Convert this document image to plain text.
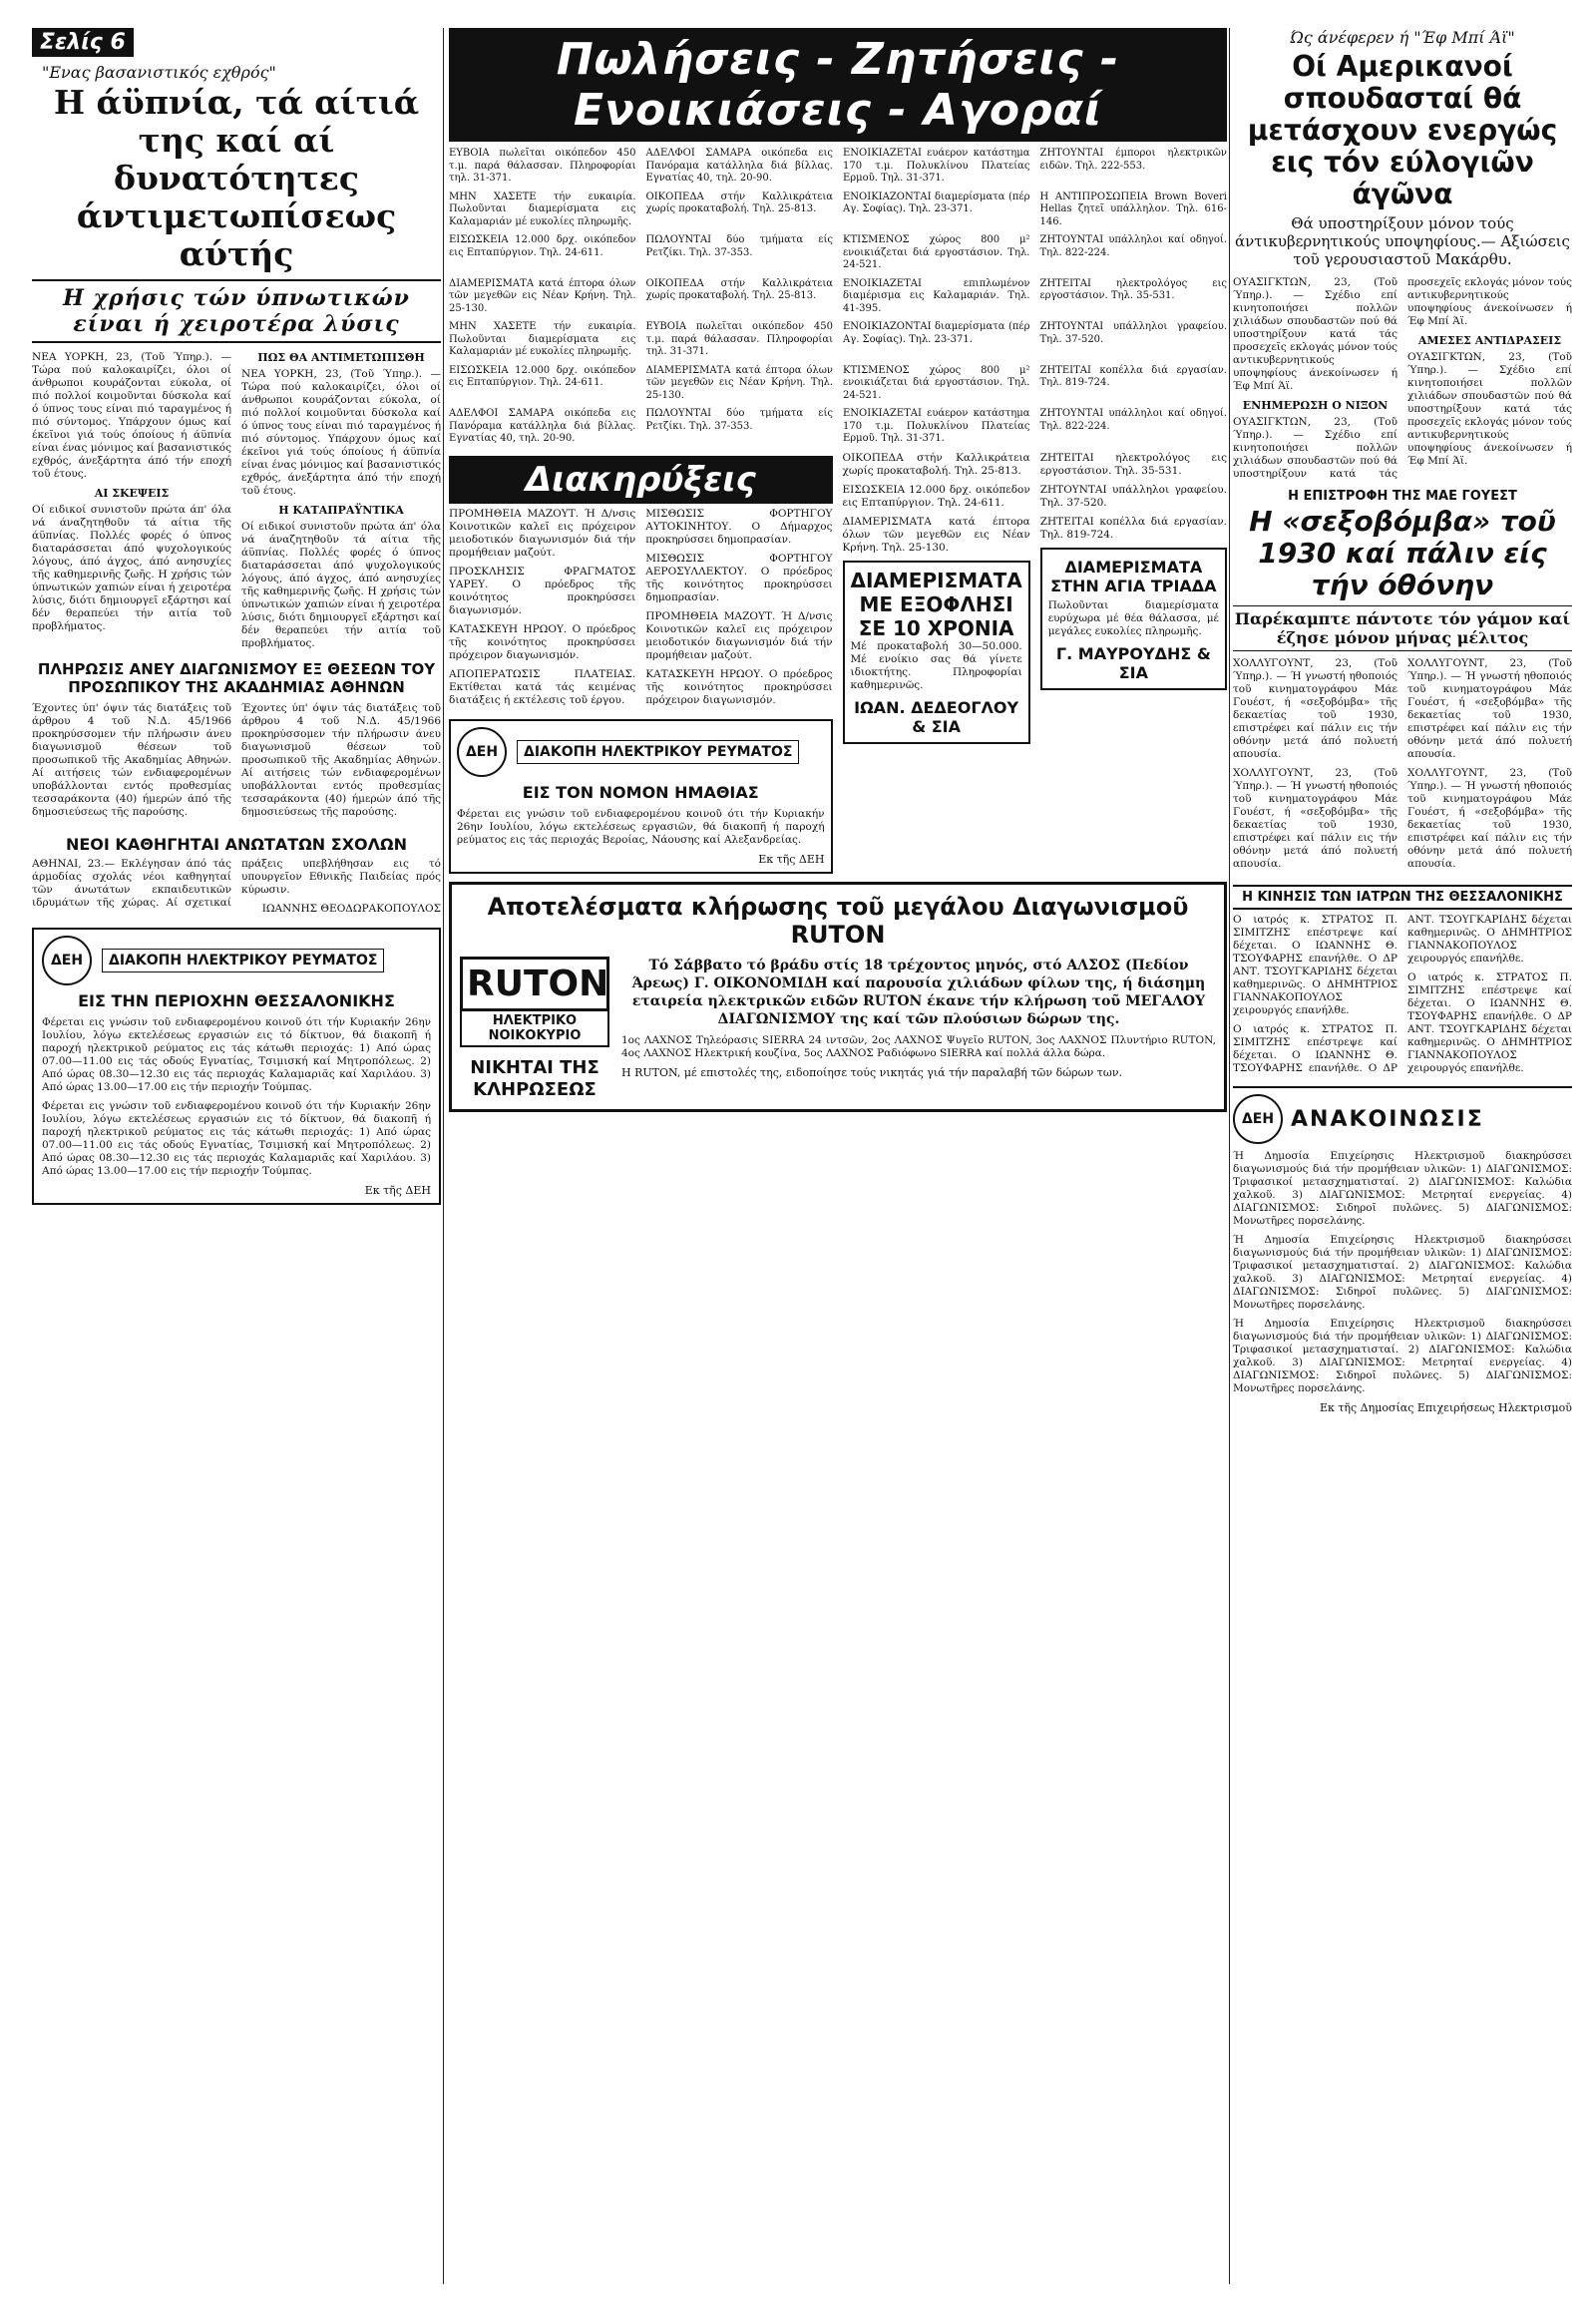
Σελίς 6
"Ενας βασανιστικός εχθρός"
Η άϋπνία, τά αίτιά της καί αί δυνατότητες άντιμετωπίσεως αύτής
Η χρήσις τών ύπνωτικών είναι ή χειροτέρα λύσις

ΝΕΑ ΥΟΡΚΗ, 23, (Τοῦ Ύπηρ.). —Τώρα πού καλοκαιρίζει, όλοι οί άνθρωποι κουράζονται εύκολα, οί πιό πολλοί κοιμοῦνται δύσκολα καί ό ύπνος τους είναι πιό ταραγμένος ή πιό σύντομος. Υπάρχουν όμως καί έκεῖνοι γιά τούς όποίους ή άϋπνία είναι ένας μόνιμος καί βασανιστικός εχθρός, άνεξάρτητα άπό τήν εποχή τοῦ έτους.

ΑΙ ΣΚΕΨΕΙΣ

Οί ειδικοί συνιστοῦν πρώτα άπ' όλα νά άναζητηθοῦν τά αίτια τῆς άϋπνίας. Πολλές φορές ό ύπνος διαταράσσεται άπό ψυχολογικούς λόγους, άπό άγχος, άπό ανησυχίες τῆς καθημερινῆς ζωῆς. Η χρήσις τών ύπνωτικών χαπιών είναι ή χειροτέρα λύσις, διότι δημιουργεῖ εξάρτησι καί δέν θεραπεύει τήν αιτία τοῦ προβλήματος.

ΠΩΣ ΘΑ ΑΝΤΙΜΕΤΩΠΙΣΘΗ

ΝΕΑ ΥΟΡΚΗ, 23, (Τοῦ Ύπηρ.). —Τώρα πού καλοκαιρίζει, όλοι οί άνθρωποι κουράζονται εύκολα, οί πιό πολλοί κοιμοῦνται δύσκολα καί ό ύπνος τους είναι πιό ταραγμένος ή πιό σύντομος. Υπάρχουν όμως καί έκεῖνοι γιά τούς όποίους ή άϋπνία είναι ένας μόνιμος καί βασανιστικός εχθρός, άνεξάρτητα άπό τήν εποχή τοῦ έτους.

Η ΚΑΤΑΠΡΑΫΝΤΙΚΑ

Οί ειδικοί συνιστοῦν πρώτα άπ' όλα νά άναζητηθοῦν τά αίτια τῆς άϋπνίας. Πολλές φορές ό ύπνος διαταράσσεται άπό ψυχολογικούς λόγους, άπό άγχος, άπό ανησυχίες τῆς καθημερινῆς ζωῆς. Η χρήσις τών ύπνωτικών χαπιών είναι ή χειροτέρα λύσις, διότι δημιουργεῖ εξάρτησι καί δέν θεραπεύει τήν αιτία τοῦ προβλήματος.

ΠΛΗΡΩΣΙΣ ΑΝΕΥ ΔΙΑΓΩΝΙΣΜΟΥ ΕΞ ΘΕΣΕΩΝ ΤΟΥ ΠΡΟΣΩΠΙΚΟΥ ΤΗΣ ΑΚΑΔΗΜΙΑΣ ΑΘΗΝΩΝ

Έχοντες ύπ' όψιν τάς διατάξεις τοῦ άρθρου 4 τοῦ Ν.Δ. 45/1966 προκηρύσσομεν τήν πλήρωσιν άνευ διαγωνισμοῦ θέσεων τοῦ προσωπικοῦ τῆς Ακαδημίας Αθηνών. Αί αιτήσεις τών ενδιαφερομένων υποβάλλονται εντός προθεσμίας τεσσαράκοντα (40) ήμερών άπό τῆς δημοσιεύσεως τῆς παρούσης.

Έχοντες ύπ' όψιν τάς διατάξεις τοῦ άρθρου 4 τοῦ Ν.Δ. 45/1966 προκηρύσσομεν τήν πλήρωσιν άνευ διαγωνισμοῦ θέσεων τοῦ προσωπικοῦ τῆς Ακαδημίας Αθηνών. Αί αιτήσεις τών ενδιαφερομένων υποβάλλονται εντός προθεσμίας τεσσαράκοντα (40) ήμερών άπό τῆς δημοσιεύσεως τῆς παρούσης.

ΝΕΟΙ ΚΑΘΗΓΗΤΑΙ ΑΝΩΤΑΤΩΝ ΣΧΟΛΩΝ

ΑΘΗΝΑΙ, 23.— Εκλέγησαν άπό τάς άρμοδίας σχολάς νέοι καθηγηταί τῶν άνωτάτων εκπαιδευτικῶν ιδρυμάτων τῆς χώρας. Αί σχετικαί πράξεις υπεβλήθησαν εις τό υπουργεῖον Εθνικῆς Παιδείας πρός κύρωσιν.

ΙΩΑΝΝΗΣ ΘΕΟΔΩΡΑΚΟΠΟΥΛΟΣ

ΔΕΗ	ΔΙΑΚΟΠΗ ΗΛΕΚΤΡΙΚΟΥ ΡΕΥΜΑΤΟΣ
ΕΙΣ ΤΗΝ ΠΕΡΙΟΧΗΝ ΘΕΣΣΑΛΟΝΙΚΗΣ

Φέρεται εις γνώσιν τοῦ ενδιαφερομένου κοινοῦ ότι τήν Κυριακήν 26ην Ιουλίου, λόγω εκτελέσεως εργασιών εις τό δίκτυον, θά διακοπῆ ή παροχή ηλεκτρικοῦ ρεύματος εις τάς κάτωθι περιοχάς: 1) Από ώρας 07.00—11.00 εις τάς οδούς Εγνατίας, Τσιμισκή καί Μητροπόλεως. 2) Από ώρας 08.30—12.30 εις τάς περιοχάς Καλαμαριᾶς καί Χαριλάου. 3) Από ώρας 13.00—17.00 εις τήν περιοχήν Τούμπας.

Φέρεται εις γνώσιν τοῦ ενδιαφερομένου κοινοῦ ότι τήν Κυριακήν 26ην Ιουλίου, λόγω εκτελέσεως εργασιών εις τό δίκτυον, θά διακοπῆ ή παροχή ηλεκτρικοῦ ρεύματος εις τάς κάτωθι περιοχάς: 1) Από ώρας 07.00—11.00 εις τάς οδούς Εγνατίας, Τσιμισκή καί Μητροπόλεως. 2) Από ώρας 08.30—12.30 εις τάς περιοχάς Καλαμαριᾶς καί Χαριλάου. 3) Από ώρας 13.00—17.00 εις τήν περιοχήν Τούμπας.

Εκ τῆς ΔΕΗ
Πωλήσεις - Ζητήσεις - Ενοικιάσεις - Αγοραί

ΕΥΒΟΙΑ πωλεῖται οικόπεδον 450 τ.μ. παρά θάλασσαν. Πληροφορίαι τηλ. 31-371.

ΑΔΕΛΦΟΙ ΣΑΜΑΡΑ οικόπεδα εις Πανόραμα κατάλληλα διά βίλλας. Εγνατίας 40, τηλ. 20-90.

ΕΝΟΙΚΙΑΖΕΤΑΙ ευάερον κατάστημα 170 τ.μ. Πολυκλίνου Πλατείας Ερμοῦ. Τηλ. 31-371.

ΖΗΤΟΥΝΤΑΙ έμποροι ηλεκτρικῶν ειδῶν. Τηλ. 222-553.

ΜΗΝ ΧΑΣΕΤΕ τήν ευκαιρία. Πωλοῦνται διαμερίσματα εις Καλαμαριάν μέ ευκολίες πληρωμῆς.

ΟΙΚΟΠΕΔΑ στήν Καλλικράτεια χωρίς προκαταβολή. Τηλ. 25-813.

ΕΝΟΙΚΙΑΖΟΝΤΑΙ διαμερίσματα (πέρ Αγ. Σοφίας). Τηλ. 23-371.

Η ΑΝΤΙΠΡΟΣΩΠΕΙΑ Brown Boveri Hellas ζητεῖ υπάλληλον. Τηλ. 616-146.

ΕΙΣΩΣΚΕΙΑ 12.000 δρχ. οικόπεδον εις Επταπύργιον. Τηλ. 24-611.

ΠΩΛΟΥΝΤΑΙ δύο τμήματα είς Ρετζίκι. Τηλ. 37-353.

ΚΤΙΣΜΕΝΟΣ χώρος 800 μ² ενοικιάζεται διά εργοστάσιον. Τηλ. 24-521.

ΖΗΤΟΥΝΤΑΙ υπάλληλοι καί οδηγοί. Τηλ. 822-224.

ΔΙΑΜΕΡΙΣΜΑΤΑ κατά έπτορα όλων τῶν μεγεθῶν εις Νέαν Κρήνη. Τηλ. 25-130.

ΟΙΚΟΠΕΔΑ στήν Καλλικράτεια χωρίς προκαταβολή. Τηλ. 25-813.

ΕΝΟΙΚΙΑΖΕΤΑΙ επιπλωμένον διαμέρισμα εις Καλαμαριάν. Τηλ. 41-395.

ΖΗΤΕΙΤΑΙ ηλεκτρολόγος εις εργοστάσιον. Τηλ. 35-531.

ΜΗΝ ΧΑΣΕΤΕ τήν ευκαιρία. Πωλοῦνται διαμερίσματα εις Καλαμαριάν μέ ευκολίες πληρωμῆς.

ΕΥΒΟΙΑ πωλεῖται οικόπεδον 450 τ.μ. παρά θάλασσαν. Πληροφορίαι τηλ. 31-371.

ΕΝΟΙΚΙΑΖΟΝΤΑΙ διαμερίσματα (πέρ Αγ. Σοφίας). Τηλ. 23-371.

ΖΗΤΟΥΝΤΑΙ υπάλληλοι γραφείου. Τηλ. 37-520.

ΕΙΣΩΣΚΕΙΑ 12.000 δρχ. οικόπεδον εις Επταπύργιον. Τηλ. 24-611.

ΔΙΑΜΕΡΙΣΜΑΤΑ κατά έπτορα όλων τῶν μεγεθῶν εις Νέαν Κρήνη. Τηλ. 25-130.

ΚΤΙΣΜΕΝΟΣ χώρος 800 μ² ενοικιάζεται διά εργοστάσιον. Τηλ. 24-521.

ΖΗΤΕΙΤΑΙ κοπέλλα διά εργασίαν. Τηλ. 819-724.

ΑΔΕΛΦΟΙ ΣΑΜΑΡΑ οικόπεδα εις Πανόραμα κατάλληλα διά βίλλας. Εγνατίας 40, τηλ. 20-90.

ΠΩΛΟΥΝΤΑΙ δύο τμήματα είς Ρετζίκι. Τηλ. 37-353.

ΕΝΟΙΚΙΑΖΕΤΑΙ ευάερον κατάστημα 170 τ.μ. Πολυκλίνου Πλατείας Ερμοῦ. Τηλ. 31-371.

ΖΗΤΟΥΝΤΑΙ υπάλληλοι καί οδηγοί. Τηλ. 822-224.

Διακηρύξεις

ΠΡΟΜΗΘΕΙΑ ΜΑΖΟΥΤ. Ή Δ/νσις Κοινοτικῶν καλεῖ εις πρόχειρον μειοδοτικόν διαγωνισμόν διά τήν προμήθειαν μαζούτ.

ΠΡΟΣΚΛΗΣΙΣ ΦΡΑΓΜΑΤΟΣ ΥΑΡΕΥ. Ο πρόεδρος τῆς κοινότητος προκηρύσσει διαγωνισμόν.

ΚΑΤΑΣΚΕΥΗ ΗΡΩΟΥ. Ο πρόεδρος τῆς κοινότητος προκηρύσσει πρόχειρον διαγωνισμόν.

ΑΠΟΠΕΡΑΤΩΣΙΣ ΠΛΑΤΕΙΑΣ. Εκτίθεται κατά τάς κειμένας διατάξεις ή εκτέλεσις τοῦ έργου.

ΜΙΣΘΩΣΙΣ ΦΟΡΤΗΓΟΥ ΑΥΤΟΚΙΝΗΤΟΥ. Ο Δήμαρχος προκηρύσσει δημοπρασίαν.

ΜΙΣΘΩΣΙΣ ΦΟΡΤΗΓΟΥ ΑΕΡΟΣΥΛΛΕΚΤΟΥ. Ο πρόεδρος τῆς κοινότητος προκηρύσσει δημοπρασίαν.

ΠΡΟΜΗΘΕΙΑ ΜΑΖΟΥΤ. Ή Δ/νσις Κοινοτικῶν καλεῖ εις πρόχειρον μειοδοτικόν διαγωνισμόν διά τήν προμήθειαν μαζούτ.

ΚΑΤΑΣΚΕΥΗ ΗΡΩΟΥ. Ο πρόεδρος τῆς κοινότητος προκηρύσσει πρόχειρον διαγωνισμόν.

ΔΕΗ	ΔΙΑΚΟΠΗ ΗΛΕΚΤΡΙΚΟΥ ΡΕΥΜΑΤΟΣ
ΕΙΣ ΤΟΝ ΝΟΜΟΝ ΗΜΑΘΙΑΣ

Φέρεται εις γνώσιν τοῦ ενδιαφερομένου κοινοῦ ότι τήν Κυριακήν 26ην Ιουλίου, λόγω εκτελέσεως εργασιῶν, θά διακοπῆ ή παροχή ρεύματος εις τάς περιοχάς Βεροίας, Νάουσης καί Αλεξανδρείας.

Εκ τῆς ΔΕΗ

ΟΙΚΟΠΕΔΑ στήν Καλλικράτεια χωρίς προκαταβολή. Τηλ. 25-813.

ΕΙΣΩΣΚΕΙΑ 12.000 δρχ. οικόπεδον εις Επταπύργιον. Τηλ. 24-611.

ΔΙΑΜΕΡΙΣΜΑΤΑ κατά έπτορα όλων τῶν μεγεθῶν εις Νέαν Κρήνη. Τηλ. 25-130.

ΔΙΑΜΕΡΙΣΜΑΤΑ ΜΕ ΕΞΟΦΛΗΣΙ ΣΕ 10 ΧΡΟΝΙΑ

Μέ προκαταβολή 30—50.000. Μέ ενοίκιο σας θά γίνετε ιδιοκτήτης. Πληροφορίαι καθημερινῶς.

ΙΩΑΝ. ΔΕΔΕΟΓΛΟΥ & ΣΙΑ

ΖΗΤΕΙΤΑΙ ηλεκτρολόγος εις εργοστάσιον. Τηλ. 35-531.

ΖΗΤΟΥΝΤΑΙ υπάλληλοι γραφείου. Τηλ. 37-520.

ΖΗΤΕΙΤΑΙ κοπέλλα διά εργασίαν. Τηλ. 819-724.

ΔΙΑΜΕΡΙΣΜΑΤΑ ΣΤΗΝ ΑΓΙΑ ΤΡΙΑΔΑ

Πωλοῦνται διαμερίσματα ευρύχωρα μέ θέα θάλασσα, μέ μεγάλες ευκολίες πληρωμῆς.

Γ. ΜΑΥΡΟΥΔΗΣ & ΣΙΑ
Αποτελέσματα κλήρωσης τοῦ μεγάλου Διαγωνισμοῦ RUTON
RUTON
ΗΛΕΚΤΡΙΚΟ ΝΟΙΚΟΚΥΡΙΟ
ΝΙΚΗΤΑΙ ΤΗΣ ΚΛΗΡΩΣΕΩΣ
Τό Σάββατο τό βράδυ στίς 18 τρέχοντος μηνός, στό ΑΛΣΟΣ (Πεδίον Άρεως) Γ. ΟΙΚΟΝΟΜΙΔΗ καί παρουσία χιλιάδων φίλων της, ή διάσημη εταιρεία ηλεκτρικῶν ειδῶν RUTON έκανε τήν κλήρωση τοῦ ΜΕΓΑΛΟΥ ΔΙΑΓΩΝΙΣΜΟΥ της καί τῶν πλούσιων δώρων της.

1ος ΛΑΧΝΟΣ Τηλεόρασις SIERRA 24 ιντσῶν, 2ος ΛΑΧΝΟΣ Ψυγεῖο RUTON, 3ος ΛΑΧΝΟΣ Πλυντήριο RUTON, 4ος ΛΑΧΝΟΣ Ηλεκτρική κουζίνα, 5ος ΛΑΧΝΟΣ Ραδιόφωνο SIERRA καί πολλά άλλα δώρα.

Η RUTON, μέ επιστολές της, ειδοποίησε τούς νικητάς γιά τήν παραλαβή τῶν δώρων των.
Ώς άνέφερεν ή "Έφ Μπί Άϊ"
Οί Αμερικανοί σπουδασταί θά μετάσχουν ενεργώς εις τόν εύλογιῶν άγῶνα
Θά υποστηρίξουν μόνον τούς άντικυβερνητικούς υποψηφίους.— Αξιώσεις τοῦ γερουσιαστοῦ Μακάρθυ.

ΟΥΑΣΙΓΚΤΩΝ, 23, (Τοῦ Ύπηρ.). — Σχέδιο επί κινητοποιήσει πολλῶν χιλιάδων σπουδαστῶν πού θά υποστηρίξουν κατά τάς προσεχεῖς εκλογάς μόνον τούς αντικυβερνητικούς υποψηφίους άνεκοίνωσεν ή Έφ Μπί Άϊ.

ΕΝΗΜΕΡΩΣΗ Ο ΝΙΞΟΝ

ΟΥΑΣΙΓΚΤΩΝ, 23, (Τοῦ Ύπηρ.). — Σχέδιο επί κινητοποιήσει πολλῶν χιλιάδων σπουδαστῶν πού θά υποστηρίξουν κατά τάς προσεχεῖς εκλογάς μόνον τούς αντικυβερνητικούς υποψηφίους άνεκοίνωσεν ή Έφ Μπί Άϊ.

ΑΜΕΣΕΣ ΑΝΤΙΔΡΑΣΕΙΣ

ΟΥΑΣΙΓΚΤΩΝ, 23, (Τοῦ Ύπηρ.). — Σχέδιο επί κινητοποιήσει πολλῶν χιλιάδων σπουδαστῶν πού θά υποστηρίξουν κατά τάς προσεχεῖς εκλογάς μόνον τούς αντικυβερνητικούς υποψηφίους άνεκοίνωσεν ή Έφ Μπί Άϊ.

Η ΕΠΙΣΤΡΟΦΗ ΤΗΣ ΜΑΕ ΓΟΥΕΣΤ
Η «σεξοβόμβα» τοῦ 1930 καί πάλιν είς τήν όθόνην
Παρέκαμπτε πάντοτε τόν γάμον καί έζησε μόνον μήνας μέλιτος

ΧΟΛΛΥΓΟΥΝΤ, 23, (Τοῦ Ύπηρ.). — Ή γνωστή ηθοποιός τοῦ κινηματογράφου Μάε Γουέστ, ή «σεξοβόμβα» τῆς δεκαετίας τοῦ 1930, επιστρέφει καί πάλιν εις τήν οθόνην μετά άπό πολυετή απουσία.

ΧΟΛΛΥΓΟΥΝΤ, 23, (Τοῦ Ύπηρ.). — Ή γνωστή ηθοποιός τοῦ κινηματογράφου Μάε Γουέστ, ή «σεξοβόμβα» τῆς δεκαετίας τοῦ 1930, επιστρέφει καί πάλιν εις τήν οθόνην μετά άπό πολυετή απουσία.

ΧΟΛΛΥΓΟΥΝΤ, 23, (Τοῦ Ύπηρ.). — Ή γνωστή ηθοποιός τοῦ κινηματογράφου Μάε Γουέστ, ή «σεξοβόμβα» τῆς δεκαετίας τοῦ 1930, επιστρέφει καί πάλιν εις τήν οθόνην μετά άπό πολυετή απουσία.

ΧΟΛΛΥΓΟΥΝΤ, 23, (Τοῦ Ύπηρ.). — Ή γνωστή ηθοποιός τοῦ κινηματογράφου Μάε Γουέστ, ή «σεξοβόμβα» τῆς δεκαετίας τοῦ 1930, επιστρέφει καί πάλιν εις τήν οθόνην μετά άπό πολυετή απουσία.

Η ΚΙΝΗΣΙΣ ΤΩΝ ΙΑΤΡΩΝ ΤΗΣ ΘΕΣΣΑΛΟΝΙΚΗΣ

Ο ιατρός κ. ΣΤΡΑΤΟΣ Π. ΣΙΜΙΤΖΗΣ επέστρεψε καί δέχεται. Ο ΙΩΑΝΝΗΣ Θ. ΤΣΟΥΦΑΡΗΣ επανήλθε. Ο ΔΡ ΑΝΤ. ΤΣΟΥΓΚΑΡΙΔΗΣ δέχεται καθημερινῶς. Ο ΔΗΜΗΤΡΙΟΣ ΓΙΑΝΝΑΚΟΠΟΥΛΟΣ χειρουργός επανήλθε.

Ο ιατρός κ. ΣΤΡΑΤΟΣ Π. ΣΙΜΙΤΖΗΣ επέστρεψε καί δέχεται. Ο ΙΩΑΝΝΗΣ Θ. ΤΣΟΥΦΑΡΗΣ επανήλθε. Ο ΔΡ ΑΝΤ. ΤΣΟΥΓΚΑΡΙΔΗΣ δέχεται καθημερινῶς. Ο ΔΗΜΗΤΡΙΟΣ ΓΙΑΝΝΑΚΟΠΟΥΛΟΣ χειρουργός επανήλθε.

Ο ιατρός κ. ΣΤΡΑΤΟΣ Π. ΣΙΜΙΤΖΗΣ επέστρεψε καί δέχεται. Ο ΙΩΑΝΝΗΣ Θ. ΤΣΟΥΦΑΡΗΣ επανήλθε. Ο ΔΡ ΑΝΤ. ΤΣΟΥΓΚΑΡΙΔΗΣ δέχεται καθημερινῶς. Ο ΔΗΜΗΤΡΙΟΣ ΓΙΑΝΝΑΚΟΠΟΥΛΟΣ χειρουργός επανήλθε.

ΔΕΗ ΑΝΑΚΟΙΝΩΣΙΣ

Ή Δημοσία Επιχείρησις Ηλεκτρισμοῦ διακηρύσσει διαγωνισμούς διά τήν προμήθειαν υλικῶν: 1) ΔΙΑΓΩΝΙΣΜΟΣ: Τριφασικοί μετασχηματισταί. 2) ΔΙΑΓΩΝΙΣΜΟΣ: Καλώδια χαλκοῦ. 3) ΔΙΑΓΩΝΙΣΜΟΣ: Μετρηταί ενεργείας. 4) ΔΙΑΓΩΝΙΣΜΟΣ: Σιδηροῖ πυλῶνες. 5) ΔΙΑΓΩΝΙΣΜΟΣ: Μονωτῆρες πορσελάνης.

Ή Δημοσία Επιχείρησις Ηλεκτρισμοῦ διακηρύσσει διαγωνισμούς διά τήν προμήθειαν υλικῶν: 1) ΔΙΑΓΩΝΙΣΜΟΣ: Τριφασικοί μετασχηματισταί. 2) ΔΙΑΓΩΝΙΣΜΟΣ: Καλώδια χαλκοῦ. 3) ΔΙΑΓΩΝΙΣΜΟΣ: Μετρηταί ενεργείας. 4) ΔΙΑΓΩΝΙΣΜΟΣ: Σιδηροῖ πυλῶνες. 5) ΔΙΑΓΩΝΙΣΜΟΣ: Μονωτῆρες πορσελάνης.

Ή Δημοσία Επιχείρησις Ηλεκτρισμοῦ διακηρύσσει διαγωνισμούς διά τήν προμήθειαν υλικῶν: 1) ΔΙΑΓΩΝΙΣΜΟΣ: Τριφασικοί μετασχηματισταί. 2) ΔΙΑΓΩΝΙΣΜΟΣ: Καλώδια χαλκοῦ. 3) ΔΙΑΓΩΝΙΣΜΟΣ: Μετρηταί ενεργείας. 4) ΔΙΑΓΩΝΙΣΜΟΣ: Σιδηροῖ πυλῶνες. 5) ΔΙΑΓΩΝΙΣΜΟΣ: Μονωτῆρες πορσελάνης.

Εκ τῆς Δημοσίας Επιχειρήσεως Ηλεκτρισμοῦ
